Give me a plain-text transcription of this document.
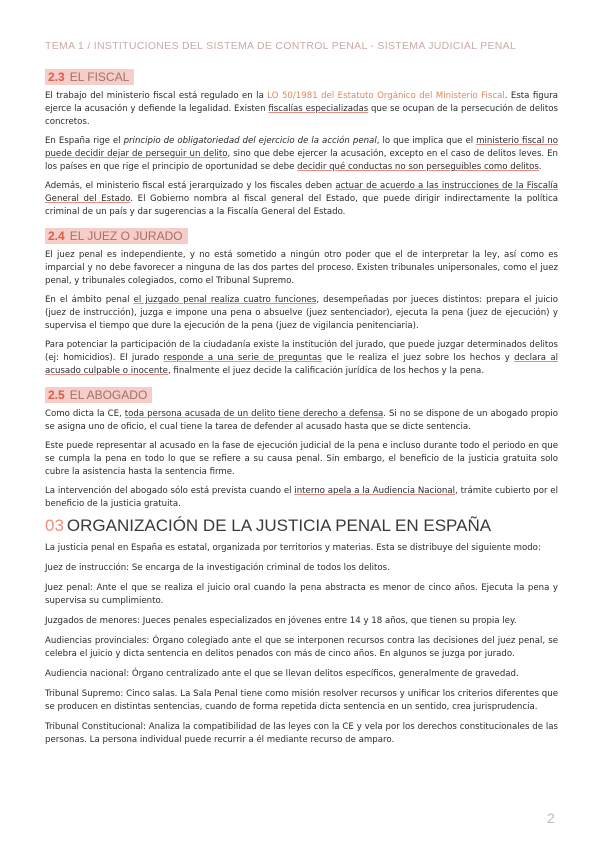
TEMA 1 / INSTITUCIONES DEL SISTEMA DE CONTROL PENAL - SISTEMA JUDICIAL PENAL
2.3 EL FISCAL

El trabajo del ministerio fiscal está regulado en la LO 50/1981 del Estatuto Orgánico del Ministerio Fiscal. Esta figura ejerce la acusación y defiende la legalidad. Existen fiscalías especializadas que se ocupan de la persecución de delitos concretos.

En España rige el principio de obligatoriedad del ejercicio de la acción penal, lo que implica que el ministerio fiscal no puede decidir dejar de perseguir un delito, sino que debe ejercer la acusación, excepto en el caso de delitos leves. En los países en que rige el principio de oportunidad se debe decidir qué conductas no son perseguibles como delitos.

Además, el ministerio fiscal está jerarquizado y los fiscales deben actuar de acuerdo a las instrucciones de la Fiscalía General del Estado. El Gobierno nombra al fiscal general del Estado, que puede dirigir indirectamente la política criminal de un país y dar sugerencias a la Fiscalía General del Estado.

2.4 EL JUEZ O JURADO

El juez penal es independiente, y no está sometido a ningún otro poder que el de interpretar la ley, así como es imparcial y no debe favorecer a ninguna de las dos partes del proceso. Existen tribunales unipersonales, como el juez penal, y tribunales colegiados, como el Tribunal Supremo.

En el ámbito penal el juzgado penal realiza cuatro funciones, desempeñadas por jueces distintos: prepara el juicio (juez de instrucción), juzga e impone una pena o absuelve (juez sentenciador), ejecuta la pena (juez de ejecución) y supervisa el tiempo que dure la ejecución de la pena (juez de vigilancia penitenciaria).

Para potenciar la participación de la ciudadanía existe la institución del jurado, que puede juzgar determinados delitos (ej: homicidios). El jurado responde a una serie de preguntas que le realiza el juez sobre los hechos y declara al acusado culpable o inocente, finalmente el juez decide la calificación jurídica de los hechos y la pena.

2.5 EL ABOGADO

Como dicta la CE, toda persona acusada de un delito tiene derecho a defensa. Si no se dispone de un abogado propio se asigna uno de oficio, el cual tiene la tarea de defender al acusado hasta que se dicte sentencia.

Este puede representar al acusado en la fase de ejecución judicial de la pena e incluso durante todo el periodo en que se cumpla la pena en todo lo que se refiere a su causa penal. Sin embargo, el beneficio de la justicia gratuita solo cubre la asistencia hasta la sentencia firme.

La intervención del abogado sólo está prevista cuando el interno apela a la Audiencia Nacional, trámite cubierto por el beneficio de la justicia gratuita.

03 ORGANIZACIÓN DE LA JUSTICIA PENAL EN ESPAÑA

La justicia penal en España es estatal, organizada por territorios y materias. Esta se distribuye del siguiente modo:

Juez de instrucción: Se encarga de la investigación criminal de todos los delitos.

Juez penal: Ante el que se realiza el juicio oral cuando la pena abstracta es menor de cinco años. Ejecuta la pena y supervisa su cumplimiento.

Juzgados de menores: Jueces penales especializados en jóvenes entre 14 y 18 años, que tienen su propia ley.

Audiencias provinciales: Órgano colegiado ante el que se interponen recursos contra las decisiones del juez penal, se celebra el juicio y dicta sentencia en delitos penados con más de cinco años. En algunos se juzga por jurado.

Audiencia nacional: Órgano centralizado ante el que se llevan delitos específicos, generalmente de gravedad.

Tribunal Supremo: Cinco salas. La Sala Penal tiene como misión resolver recursos y unificar los criterios diferentes que se producen en distintas sentencias, cuando de forma repetida dicta sentencia en un sentido, crea jurisprudencia.

Tribunal Constitucional: Analiza la compatibilidad de las leyes con la CE y vela por los derechos constitucionales de las personas. La persona individual puede recurrir a él mediante recurso de amparo.

2
